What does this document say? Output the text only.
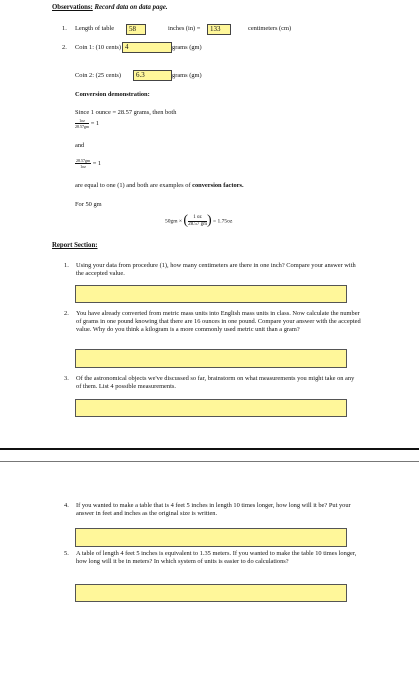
Observations: Record data on data page.
1. Length of table	58	inches (in) =	133	centimeters (cm)
2. Coin 1: (10 cents) 4	grams (gm)
Coin 2: (25 cents)	6.3	grams (gm)
Conversion demonstration:
Since 1 ounce = 28.57 grams, then both
$\frac{1oz}{28.57gm} = 1$
and
$\frac{28.57gm}{1oz} = 1$
are equal to one (1) and both are examples of conversion factors.
For 50 gm
50gm × ( $\frac{1 oz}{28.57 gm}$ ) = 1.75oz
Report Section:
1. Using your data from procedure (1), how many centimeters are there in one inch? Compare your answer with the accepted value.
2. You have already converted from metric mass units into English mass units in class. Now calculate the number of grams in one pound knowing that there are 16 ounces in one pound. Compare your answer with the accepted value. Why do you think a kilogram is a more commonly used metric unit than a gram?
3. Of the astronomical objects we've discussed so far, brainstorm on what measurements you might take on any of them. List 4 possible measurements.
4. If you wanted to make a table that is 4 feet 5 inches in length 10 times longer, how long will it be? Put your answer in feet and inches as the original size is written.
5. A table of length 4 feet 5 inches is equivalent to 1.35 meters. If you wanted to make the table 10 times longer, how long will it be in meters? In which system of units is easier to do calculations?
